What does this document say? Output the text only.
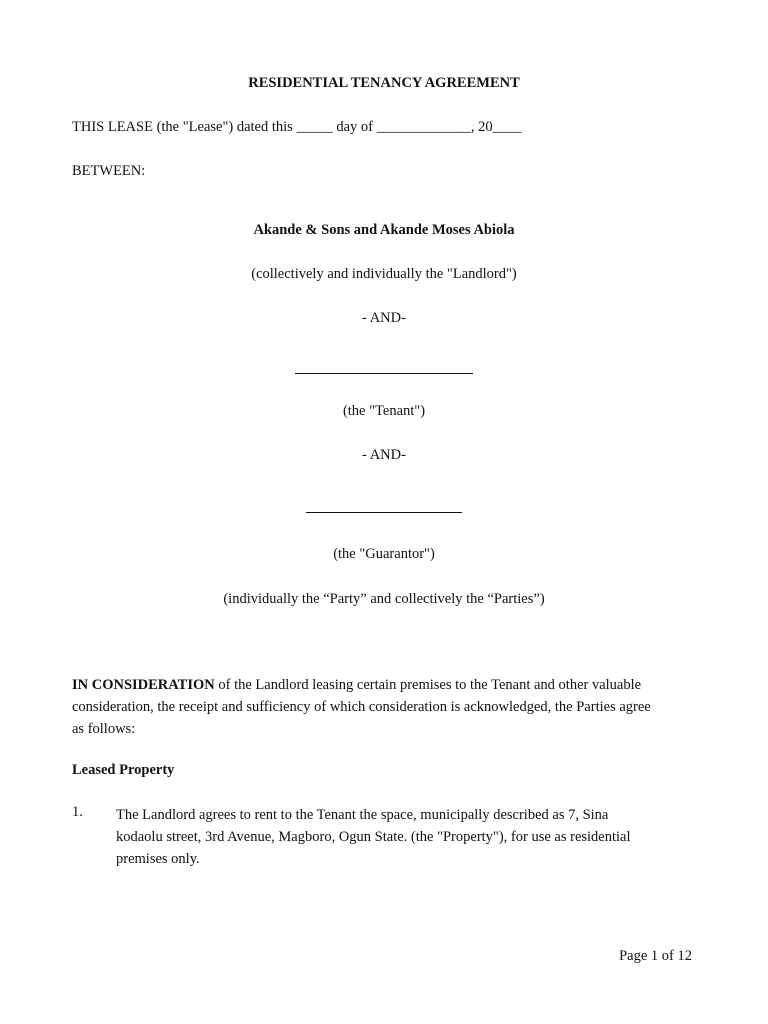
RESIDENTIAL TENANCY AGREEMENT
THIS LEASE (the "Lease") dated this _____ day of _____________, 20____
BETWEEN:
Akande & Sons and Akande Moses Abiola
(collectively and individually the "Landlord")
- AND-
(the "Tenant")
- AND-
(the "Guarantor")
(individually the “Party” and collectively the “Parties”)
IN CONSIDERATION of the Landlord leasing certain premises to the Tenant and other valuable
consideration, the receipt and sufficiency of which consideration is acknowledged, the Parties agree
as follows:
Leased Property
1. The Landlord agrees to rent to the Tenant the space, municipally described as 7, Sina
kodaolu street, 3rd Avenue, Magboro, Ogun State. (the "Property"), for use as residential
premises only.
Page 1 of 12
